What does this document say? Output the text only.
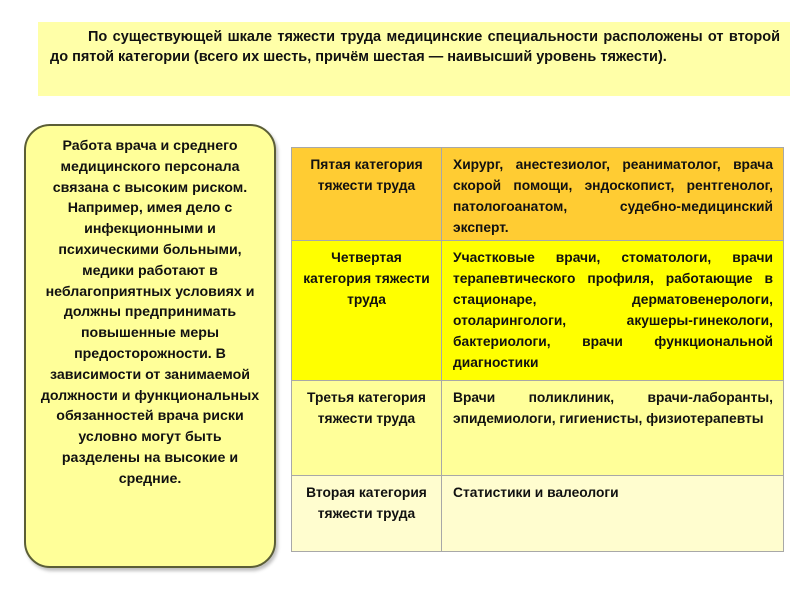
По существующей шкале тяжести труда медицинские специальности расположены от второй до пятой категории (всего их шесть, причём шестая — наивысший уровень тяжести).

Работа врача и среднего медицинского персонала связана с высоким риском. Например, имея дело с инфекционными и психическими больными, медики работают в неблагоприятных условиях и должны предпринимать повышенные меры предосторожности. В зависимости от занимаемой должности и функциональных обязанностей врача риски условно могут быть разделены на высокие и средние.

Пятая категория тяжести труда	Хирург, анестезиолог, реаниматолог, врача скорой помощи, эндоскопист, рентгенолог, патологоанатом, судебно-медицинский эксперт.
Четвертая категория тяжести труда	Участковые врачи, стоматологи, врачи терапевтического профиля, работающие в стационаре, дерматовенерологи, отоларингологи, акушеры-гинекологи, бактериологи, врачи функциональной диагностики
Третья категория тяжести труда	Врачи поликлиник, врачи-лаборанты, эпидемиологи, гигиенисты, физиотерапевты
Вторая категория тяжести труда	Статистики и валеологи
